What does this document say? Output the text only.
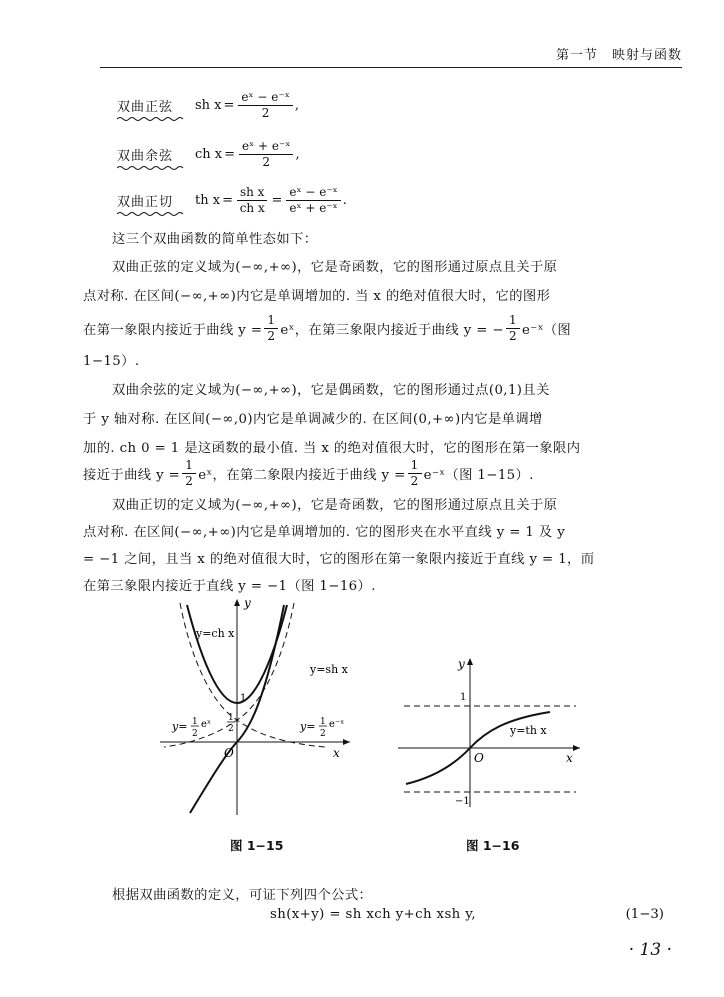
第一节　映射与函数
双曲正弦	sh $x = \frac{\text{eˣ − e⁻ˣ}}{2}$ ,
双曲余弦	ch $x = \frac{\text{eˣ + e⁻ˣ}}{2}$ ,
双曲正切	th $x = \frac{\text{sh x}}{\text{ch x}} = \frac{\text{eˣ − e⁻ˣ}}{\text{eˣ + e⁻ˣ}}$ .
这三个双曲函数的简单性态如下：
双曲正弦的定义域为(−∞,+∞)，它是奇函数，它的图形通过原点且关于原
点对称. 在区间(−∞,+∞)内它是单调增加的. 当 x 的绝对值很大时，它的图形
在第一象限内接近于曲线 $y = \frac{1}{2}$ eˣ，在第三象限内接近于曲线 y = − $\frac{1}{2}$ e⁻ˣ（图
1−15）.
双曲余弦的定义域为(−∞,+∞)，它是偶函数，它的图形通过点(0,1)且关
于 y 轴对称. 在区间(−∞,0)内它是单调减少的. 在区间(0,+∞)内它是单调增
加的. ch 0 = 1 是这函数的最小值. 当 x 的绝对值很大时，它的图形在第一象限内
接近于曲线 $y = \frac{1}{2}$ eˣ，在第二象限内接近于曲线 $y = \frac{1}{2}$ e⁻ˣ（图 1−15）.
双曲正切的定义域为(−∞,+∞)，它是奇函数，它的图形通过原点且关于原
点对称. 在区间(−∞,+∞)内它是单调增加的. 它的图形夹在水平直线 y = 1 及 y
= −1 之间，且当 x 的绝对值很大时，它的图形在第一象限内接近于直线 y = 1，而
在第三象限内接近于直线 y = −1（图 1−16）.
y
x
O
y=ch x
y=sh x
1
1
2
y= 1
2
eˣ	y= 1
2
e⁻ˣ
图 1−15
y
x
O
1
−1
y=th x
图 1−16
根据双曲函数的定义，可证下列四个公式：
sh(x+y) = sh xch y+ch xsh y,	(1−3)
· 13 ·
